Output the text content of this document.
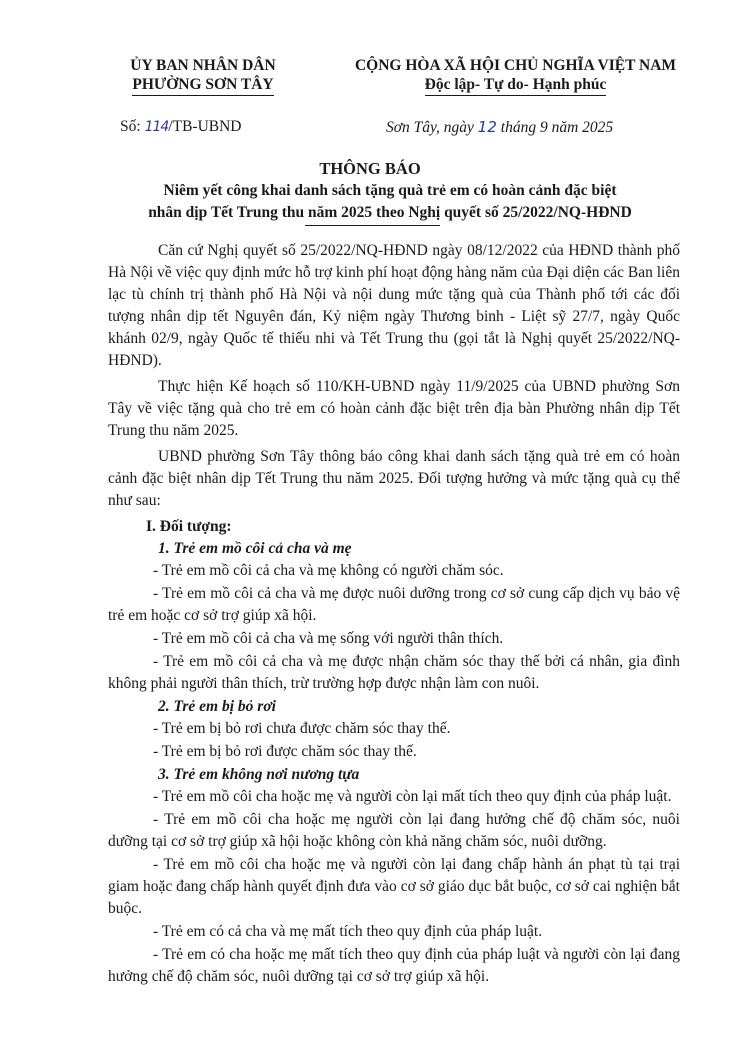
ỦY BAN NHÂN DÂN
PHƯỜNG SƠN TÂY
CỘNG HÒA XÃ HỘI CHỦ NGHĨA VIỆT NAM
Độc lập- Tự do- Hạnh phúc
Số: 114/TB-UBND	Sơn Tây, ngày 12 tháng 9 năm 2025
THÔNG BÁO
Niêm yết công khai danh sách tặng quà trẻ em có hoàn cảnh đặc biệt
nhân dịp Tết Trung thu năm 2025 theo Nghị quyết số 25/2022/NQ-HĐND

Căn cứ Nghị quyết số 25/2022/NQ-HĐND ngày 08/12/2022 của HĐND thành phố Hà Nội về việc quy định mức hỗ trợ kinh phí hoạt động hàng năm của Đại diện các Ban liên lạc tù chính trị thành phố Hà Nội và nội dung mức tặng quà của Thành phố tới các đối tượng nhân dịp tết Nguyên đán, Kỷ niệm ngày Thương binh - Liệt sỹ 27/7, ngày Quốc khánh 02/9, ngày Quốc tế thiếu nhi và Tết Trung thu (gọi tắt là Nghị quyết 25/2022/NQ-HĐND).

Thực hiện Kế hoạch số 110/KH-UBND ngày 11/9/2025 của UBND phường Sơn Tây về việc tặng quà cho trẻ em có hoàn cảnh đặc biệt trên địa bàn Phường nhân dịp Tết Trung thu năm 2025.

UBND phường Sơn Tây thông báo công khai danh sách tặng quà trẻ em có hoàn cảnh đặc biệt nhân dịp Tết Trung thu năm 2025. Đối tượng hưởng và mức tặng quà cụ thể như sau:

I. Đối tượng:
1. Trẻ em mồ côi cả cha và mẹ

- Trẻ em mồ côi cả cha và mẹ không có người chăm sóc.

- Trẻ em mồ côi cả cha và mẹ được nuôi dưỡng trong cơ sở cung cấp dịch vụ bảo vệ trẻ em hoặc cơ sở trợ giúp xã hội.

- Trẻ em mồ côi cả cha và mẹ sống với người thân thích.

- Trẻ em mồ côi cả cha và mẹ được nhận chăm sóc thay thế bởi cá nhân, gia đình không phải người thân thích, trừ trường hợp được nhận làm con nuôi.

2. Trẻ em bị bỏ rơi

- Trẻ em bị bỏ rơi chưa được chăm sóc thay thế.

- Trẻ em bị bỏ rơi được chăm sóc thay thế.

3. Trẻ em không nơi nương tựa

- Trẻ em mồ côi cha hoặc mẹ và người còn lại mất tích theo quy định của pháp luật.

- Trẻ em mồ côi cha hoặc mẹ người còn lại đang hưởng chế độ chăm sóc, nuôi dưỡng tại cơ sở trợ giúp xã hội hoặc không còn khả năng chăm sóc, nuôi dưỡng.

- Trẻ em mồ côi cha hoặc mẹ và người còn lại đang chấp hành án phạt tù tại trại giam hoặc đang chấp hành quyết định đưa vào cơ sở giáo dục bắt buộc, cơ sở cai nghiện bắt buộc.

- Trẻ em có cả cha và mẹ mất tích theo quy định của pháp luật.

- Trẻ em có cha hoặc mẹ mất tích theo quy định của pháp luật và người còn lại đang hưởng chế độ chăm sóc, nuôi dưỡng tại cơ sở trợ giúp xã hội.
